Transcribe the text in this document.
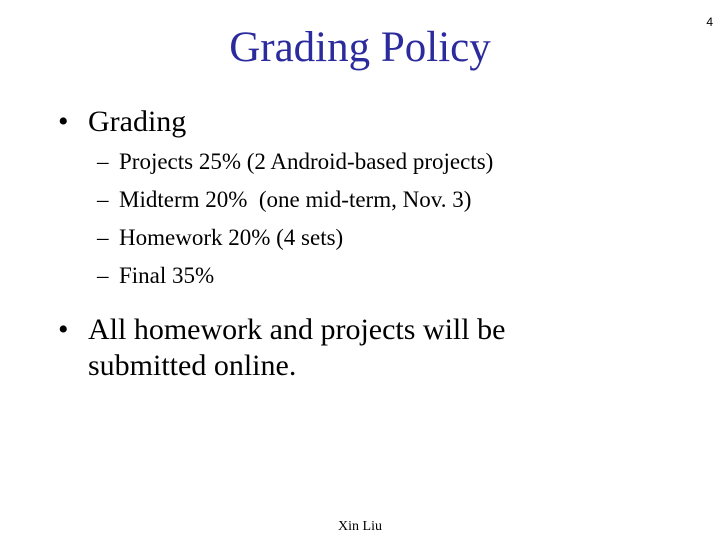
4
Grading Policy
• Grading
– Projects 25% (2 Android-based projects)
– Midterm 20%  (one mid-term, Nov. 3)
– Homework 20% (4 sets)
– Final 35%
• All homework and projects will be submitted online.
Xin Liu
